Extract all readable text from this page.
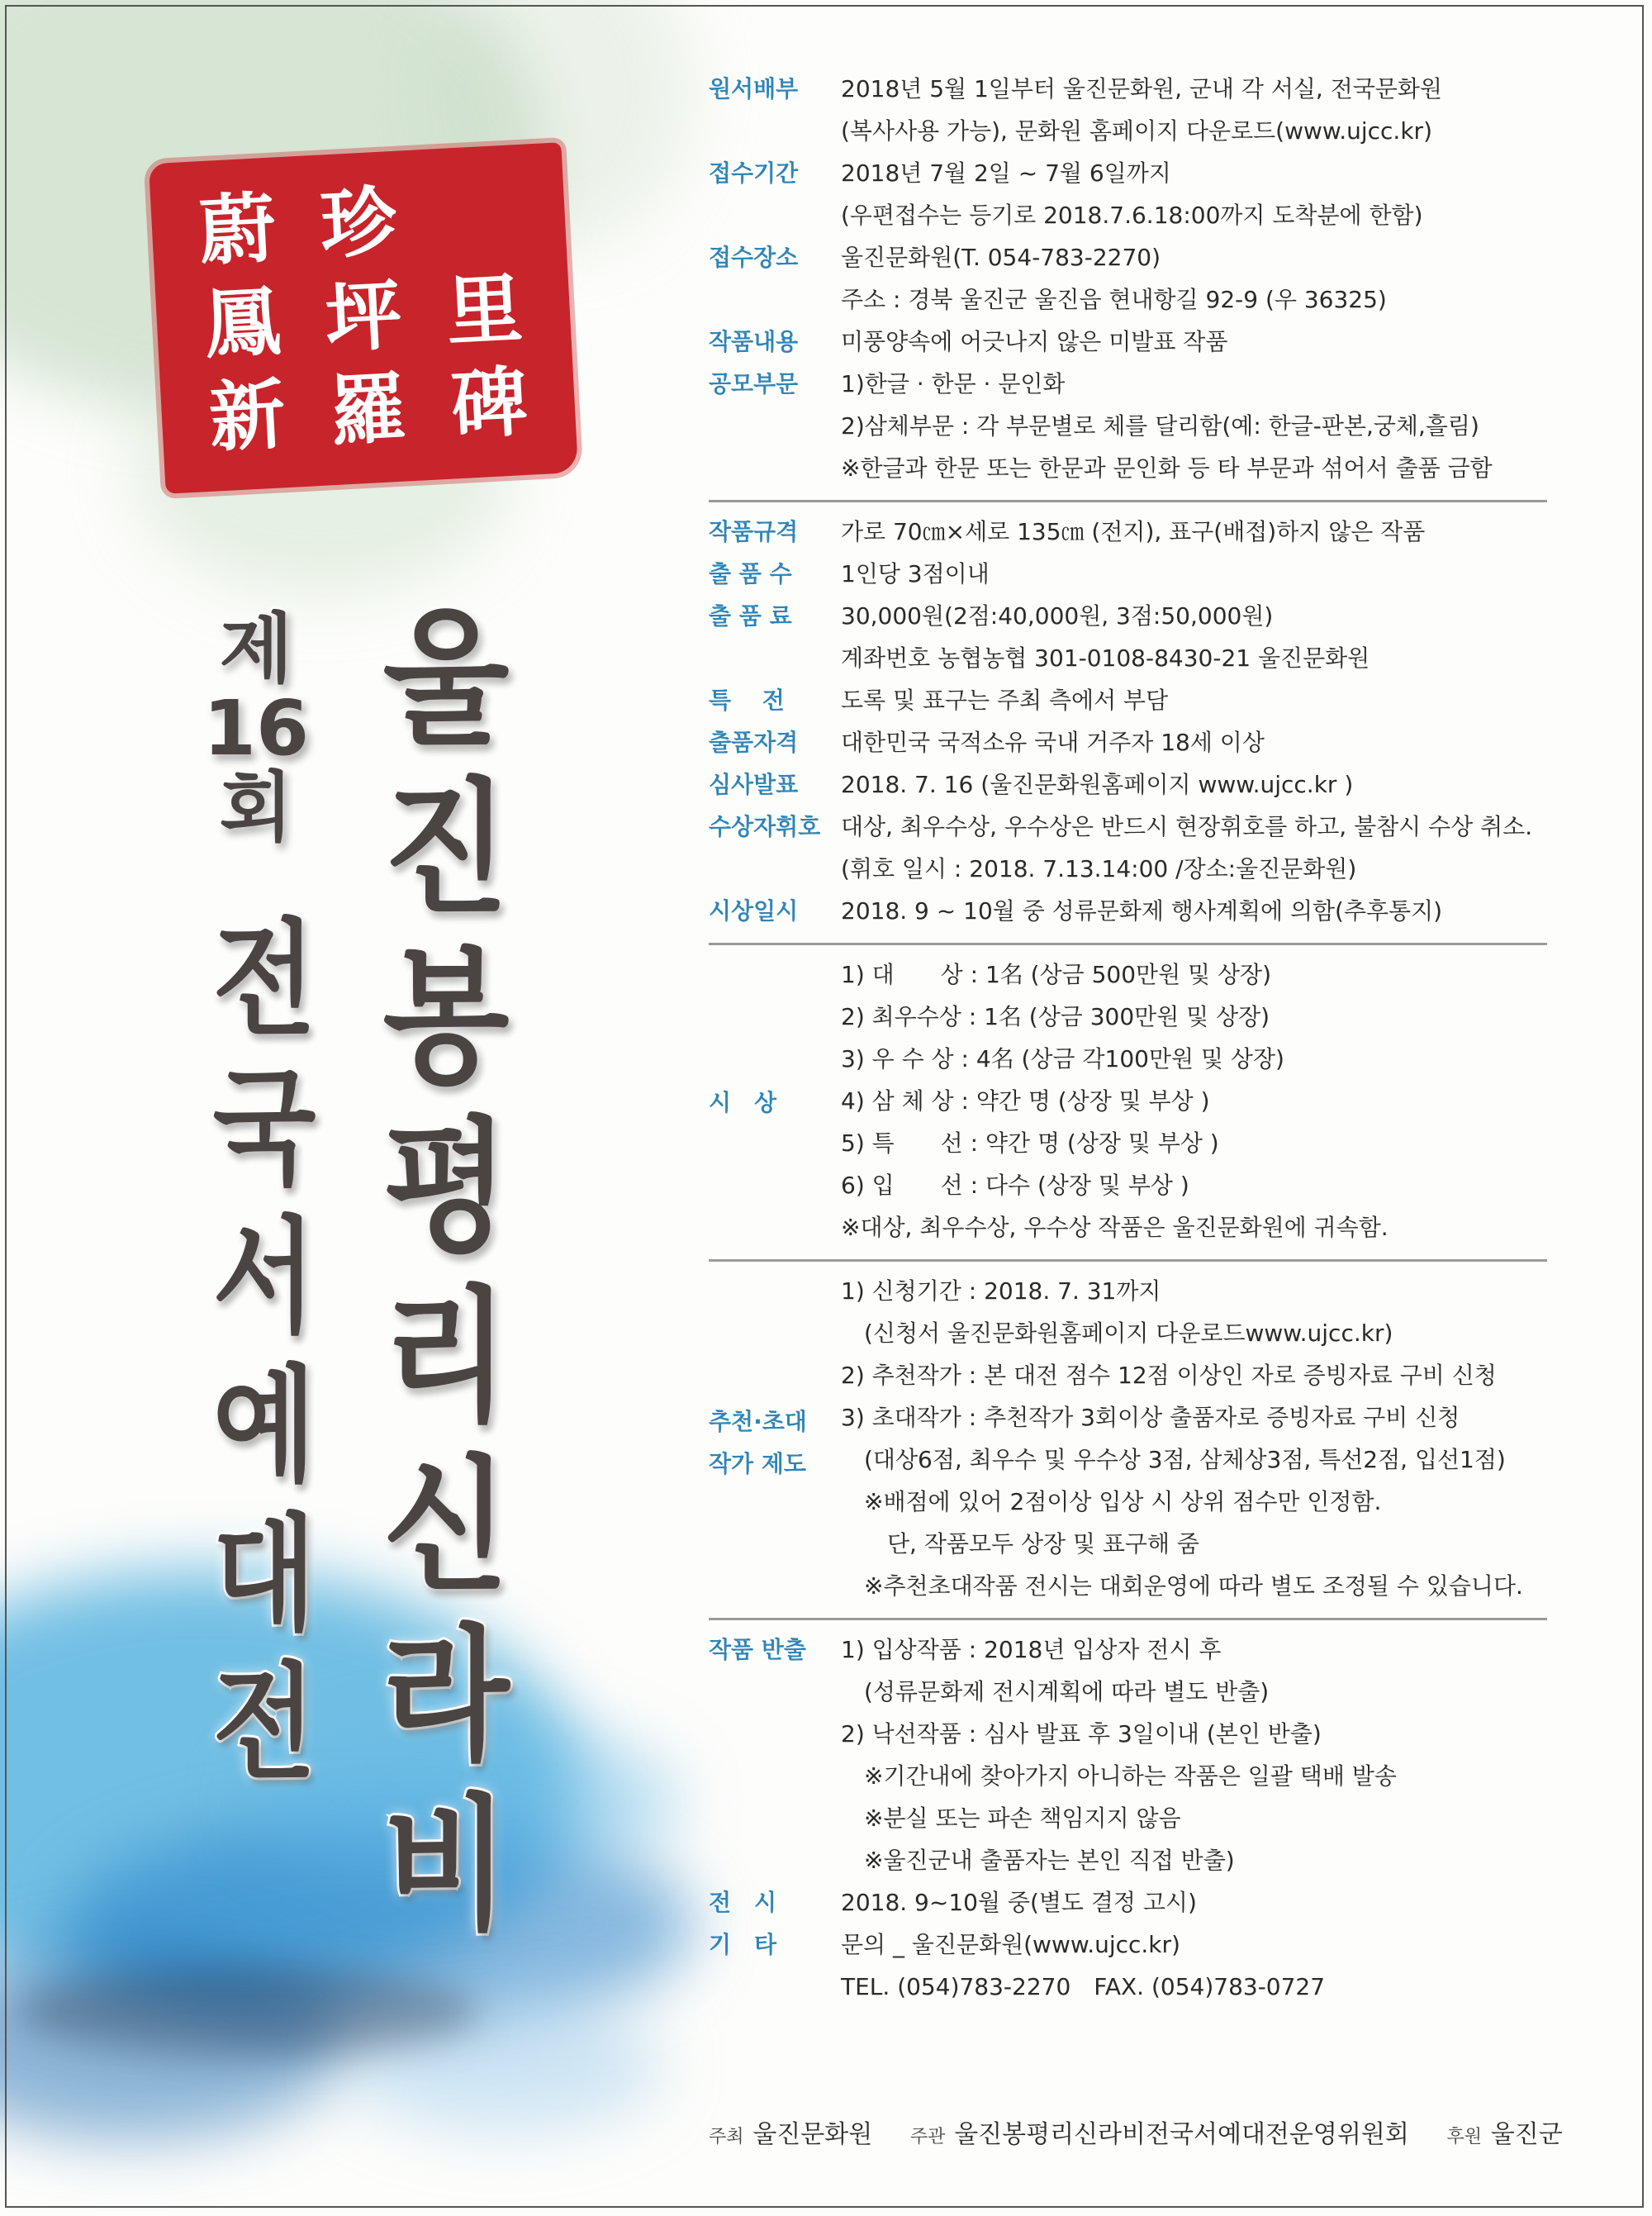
蔚 珍
鳳 坪 里
新 羅 碑
울
진
봉
평
리
신
라
비
제
16
회
전
국
서
예
대
전
원서배부 2018년 5월 1일부터 울진문화원, 군내 각 서실, 전국문화원
(복사사용 가능), 문화원 홈페이지 다운로드(www.ujcc.kr)
접수기간 2018년 7월 2일 ~ 7월 6일까지
(우편접수는 등기로 2018.7.6.18:00까지 도착분에 한함)
접수장소 울진문화원(T. 054-783-2270)
주소 : 경북 울진군 울진읍 현내항길 92-9 (우 36325)
작품내용 미풍양속에 어긋나지 않은 미발표 작품
공모부문 1)한글 · 한문 · 문인화
2)삼체부문 : 각 부문별로 체를 달리함(예: 한글-판본,궁체,흘림)
※한글과 한문 또는 한문과 문인화 등 타 부문과 섞어서 출품 금함
작품규격 가로 70㎝×세로 135㎝ (전지), 표구(배접)하지 않은 작품
출 품 수 1인당 3점이내
출 품 료 30,000원(2점:40,000원, 3점:50,000원)
계좌번호 농협농협 301-0108-8430-21 울진문화원
특　 전 도록 및 표구는 주최 측에서 부담
출품자격 대한민국 국적소유 국내 거주자 18세 이상
심사발표 2018. 7. 16 (울진문화원홈페이지 www.ujcc.kr )
수상자휘호 대상, 최우수상, 우수상은 반드시 현장휘호를 하고, 불참시 수상 취소.
(휘호 일시 : 2018. 7.13.14:00 /장소:울진문화원)
시상일시 2018. 9 ~ 10월 중 성류문화제 행사계획에 의함(추후통지)
1) 대　　상 : 1名 (상금 500만원 및 상장)
2) 최우수상 : 1名 (상금 300만원 및 상장)
3) 우 수 상 : 4名 (상금 각100만원 및 상장)
4) 삼 체 상 : 약간 명 (상장 및 부상 )
5) 특　　선 : 약간 명 (상장 및 부상 )
6) 입　　선 : 다수 (상장 및 부상 )
※대상, 최우수상, 우수상 작품은 울진문화원에 귀속함.
시　상
1) 신청기간 : 2018. 7. 31까지
　(신청서 울진문화원홈페이지 다운로드www.ujcc.kr)
2) 추천작가 : 본 대전 점수 12점 이상인 자로 증빙자료 구비 신청
3) 초대작가 : 추천작가 3회이상 출품자로 증빙자료 구비 신청
　(대상6점, 최우수 및 우수상 3점, 삼체상3점, 특선2점, 입선1점)
　※배점에 있어 2점이상 입상 시 상위 점수만 인정함.
　　단, 작품모두 상장 및 표구해 줌
　※추천초대작품 전시는 대회운영에 따라 별도 조정될 수 있습니다.
추천·초대
작가 제도
작품 반출 1) 입상작품 : 2018년 입상자 전시 후
　(성류문화제 전시계획에 따라 별도 반출)
2) 낙선작품 : 심사 발표 후 3일이내 (본인 반출)
　※기간내에 찾아가지 아니하는 작품은 일괄 택배 발송
　※분실 또는 파손 책임지지 않음
　※울진군내 출품자는 본인 직접 반출)
전　시	2018. 9~10월 중(별도 결정 고시)
기　타	문의 _ 울진문화원(www.ujcc.kr)
TEL. (054)783-2270　FAX. (054)783-0727
주최 울진문화원 주관 울진봉평리신라비전국서예대전운영위원회 후원 울진군
